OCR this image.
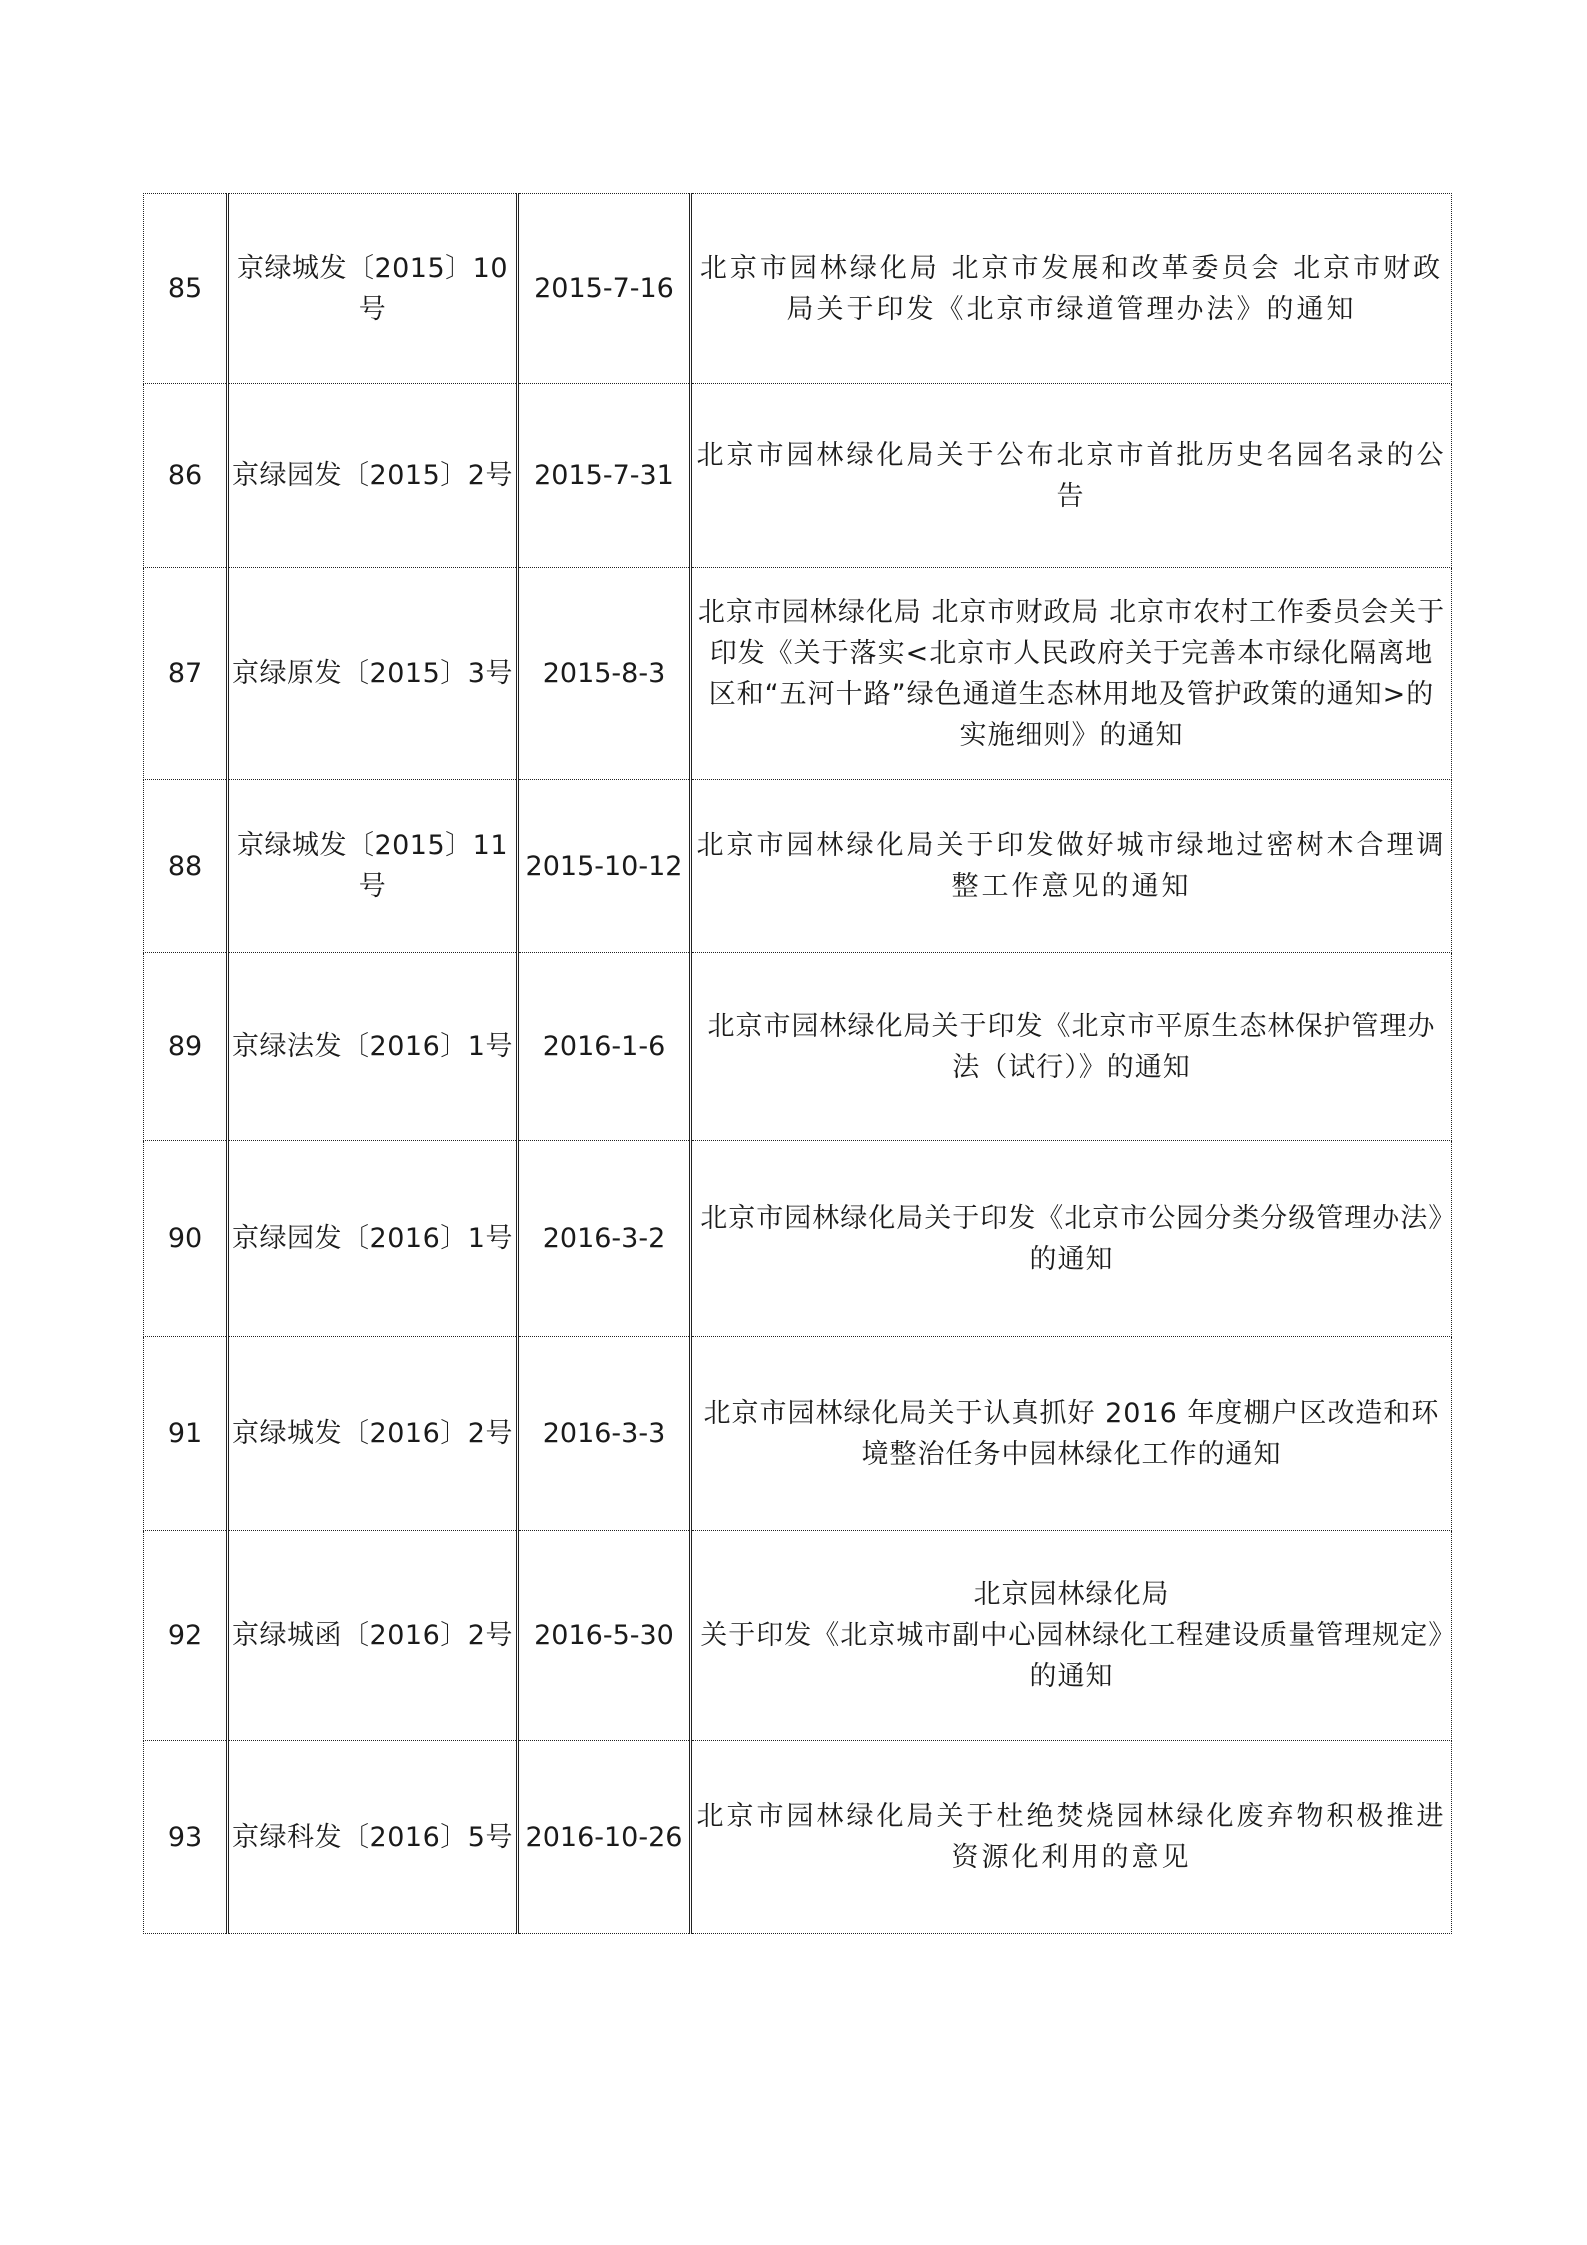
85	京绿城发〔2015〕10号	2015-7-16	北京市园林绿化局 北京市发展和改革委员会 北京市财政局关于印发《北京市绿道管理办法》的通知
86	京绿园发〔2015〕2号	2015-7-31	北京市园林绿化局关于公布北京市首批历史名园名录的公告
87	京绿原发〔2015〕3号	2015-8-3	北京市园林绿化局 北京市财政局 北京市农村工作委员会关于印发《关于落实<北京市人民政府关于完善本市绿化隔离地区和“五河十路”绿色通道生态林用地及管护政策的通知>的实施细则》的通知
88	京绿城发〔2015〕11号	2015-10-12	北京市园林绿化局关于印发做好城市绿地过密树木合理调整工作意见的通知
89	京绿法发〔2016〕1号	2016-1-6	北京市园林绿化局关于印发《北京市平原生态林保护管理办法（试行）》的通知
90	京绿园发〔2016〕1号	2016-3-2	北京市园林绿化局关于印发《北京市公园分类分级管理办法》的通知
91	京绿城发〔2016〕2号	2016-3-3	北京市园林绿化局关于认真抓好 2016 年度棚户区改造和环境整治任务中园林绿化工作的通知
92	京绿城函〔2016〕2号	2016-5-30	北京园林绿化局
关于印发《北京城市副中心园林绿化工程建设质量管理规定》的通知

93	京绿科发〔2016〕5号	2016-10-26	北京市园林绿化局关于杜绝焚烧园林绿化废弃物积极推进资源化利用的意见
